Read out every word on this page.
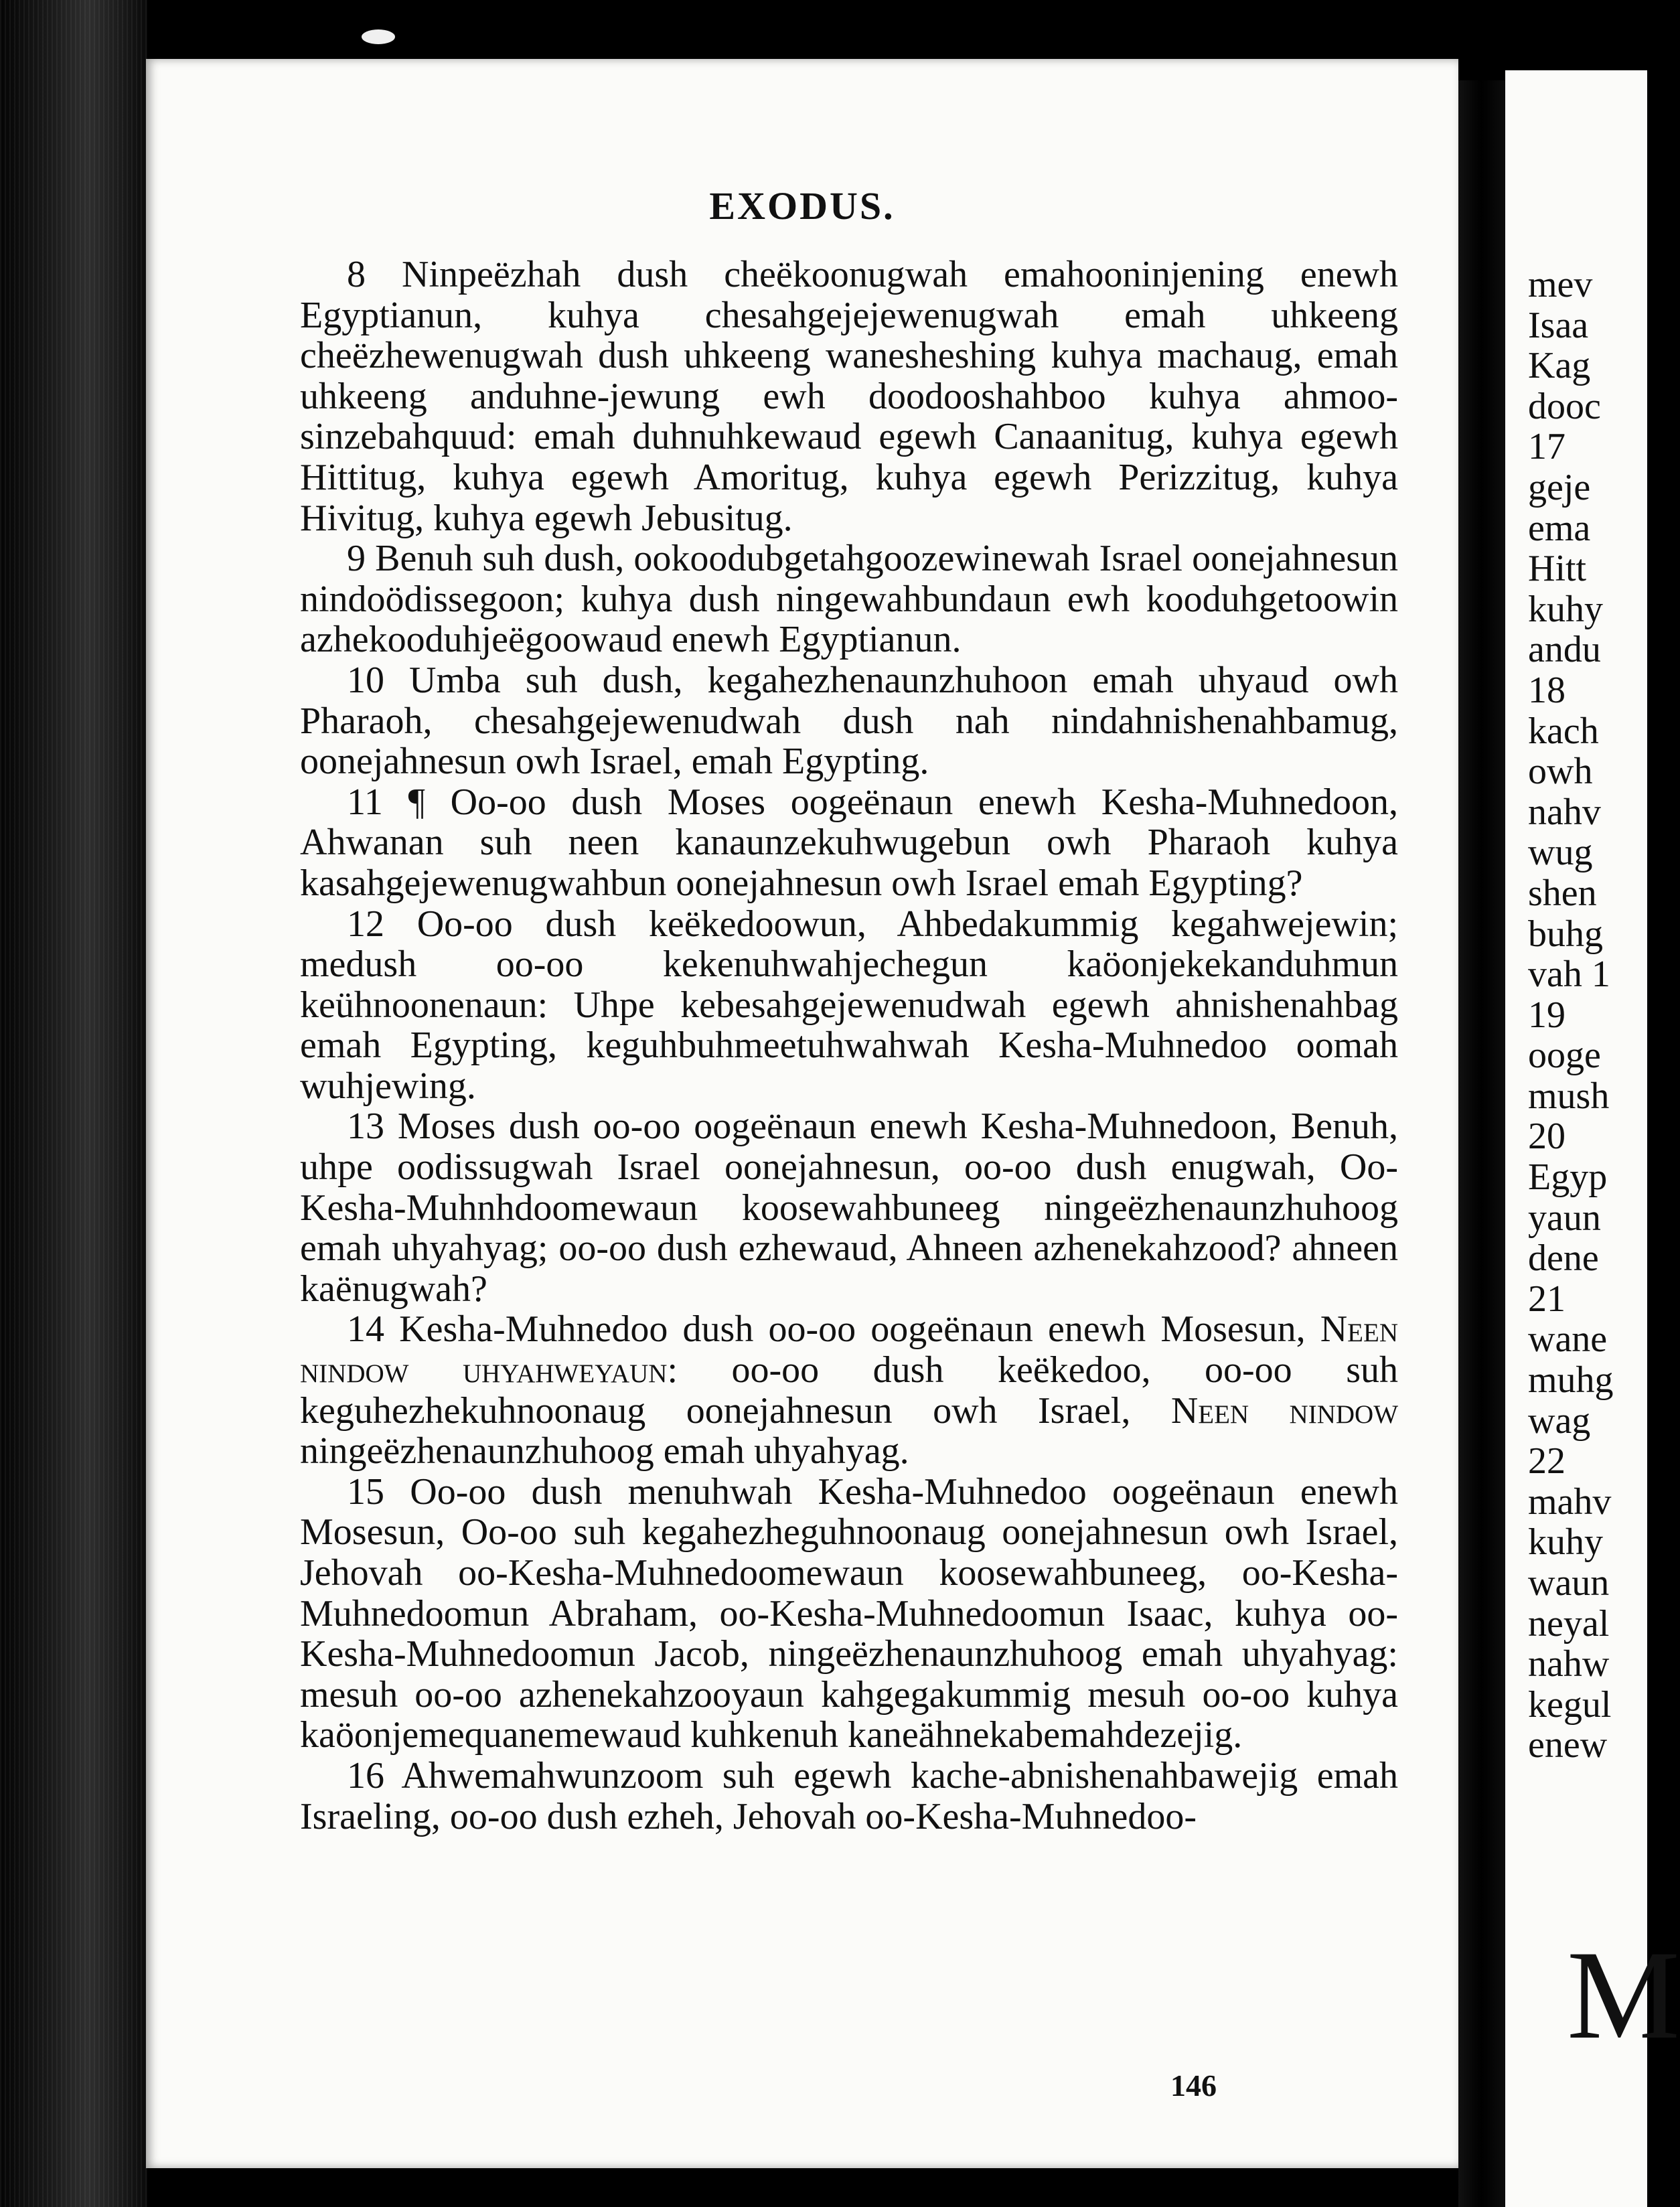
EXODUS.

8 Ninpeëzhah dush cheëkoonugwah emahooninjening enewh Egyptianun, kuhya chesahgejejewenugwah emah uhkeeng cheëzhewenugwah dush uhkeeng wanesheshing kuhya machaug, emah uhkeeng anduhne-jewung ewh doodooshahboo kuhya ahmoo-sinzebahquud: emah duhnuhkewaud egewh Canaanitug, kuhya egewh Hittitug, kuhya egewh Amoritug, kuhya egewh Perizzitug, kuhya Hivitug, kuhya egewh Jebusitug.

9 Benuh suh dush, ookoodubgetahgoozewinewah Israel oonejahnesun nindoödissegoon; kuhya dush ningewahbundaun ewh kooduhgetoowin azhekooduhjeëgoowaud enewh Egyptianun.

10 Umba suh dush, kegahezhenaunzhuhoon emah uhyaud owh Pharaoh, chesahgejewenudwah dush nah nindahnishenahbamug, oonejahnesun owh Israel, emah Egypting.

11 ¶ Oo-oo dush Moses oogeënaun enewh Kesha-Muhnedoon, Ahwanan suh neen kanaunzekuhwugebun owh Pharaoh kuhya kasahgejewenugwahbun oonejahnesun owh Israel emah Egypting?

12 Oo-oo dush keëkedoowun, Ahbedakummig kegahwejewin; medush oo-oo kekenuhwahjechegun kaöonjekekanduhmun keühnoonenaun: Uhpe kebesahgejewenudwah egewh ahnishenahbag emah Egypting, keguhbuhmeetuhwahwah Kesha-Muhnedoo oomah wuhjewing.

13 Moses dush oo-oo oogeënaun enewh Kesha-Muhnedoon, Benuh, uhpe oodissugwah Israel oonejahnesun, oo-oo dush enugwah, Oo-Kesha-Muhnhdoomewaun koosewahbuneeg ningeëzhenaunzhuhoog emah uhyahyag; oo-oo dush ezhewaud, Ahneen azhenekahzood? ahneen kaënugwah?

14 Kesha-Muhnedoo dush oo-oo oogeënaun enewh Mosesun, Neen nindow uhyahweyaun: oo-oo dush keëkedoo, oo-oo suh keguhezhekuhnoonaug oonejahnesun owh Israel, Neen nindow ningeëzhenaunzhuhoog emah uhyahyag.

15 Oo-oo dush menuhwah Kesha-Muhnedoo oogeënaun enewh Mosesun, Oo-oo suh kegahezheguhnoonaug oonejahnesun owh Israel, Jehovah oo-Kesha-Muhnedoomewaun koosewahbuneeg, oo-Kesha-Muhnedoomun Abraham, oo-Kesha-Muhnedoomun Isaac, kuhya oo-Kesha-Muhnedoomun Jacob, ningeëzhenaunzhuhoog emah uhyahyag: mesuh oo-oo azhenekahzooyaun kahgegakummig mesuh oo-oo kuhya kaöonjemequanemewaud kuhkenuh kaneähnekabemahdezejig.

16 Ahwemahwunzoom suh egewh kache-abnishenahbawejig emah Israeling, oo-oo dush ezheh, Jehovah oo-Kesha-Muhnedoo-

146
mev
Isaa
Kag
dooc
17
geje
ema
Hitt
kuhy
andu
18
kach
owh
nahv
wug
shen
buhg
vah 1
19
ooge
mush
20
Egyp
yaun
dene
21
wane
muhg
wag
22
mahv
kuhy
waun
neyal
nahw
kegul
enew
M
